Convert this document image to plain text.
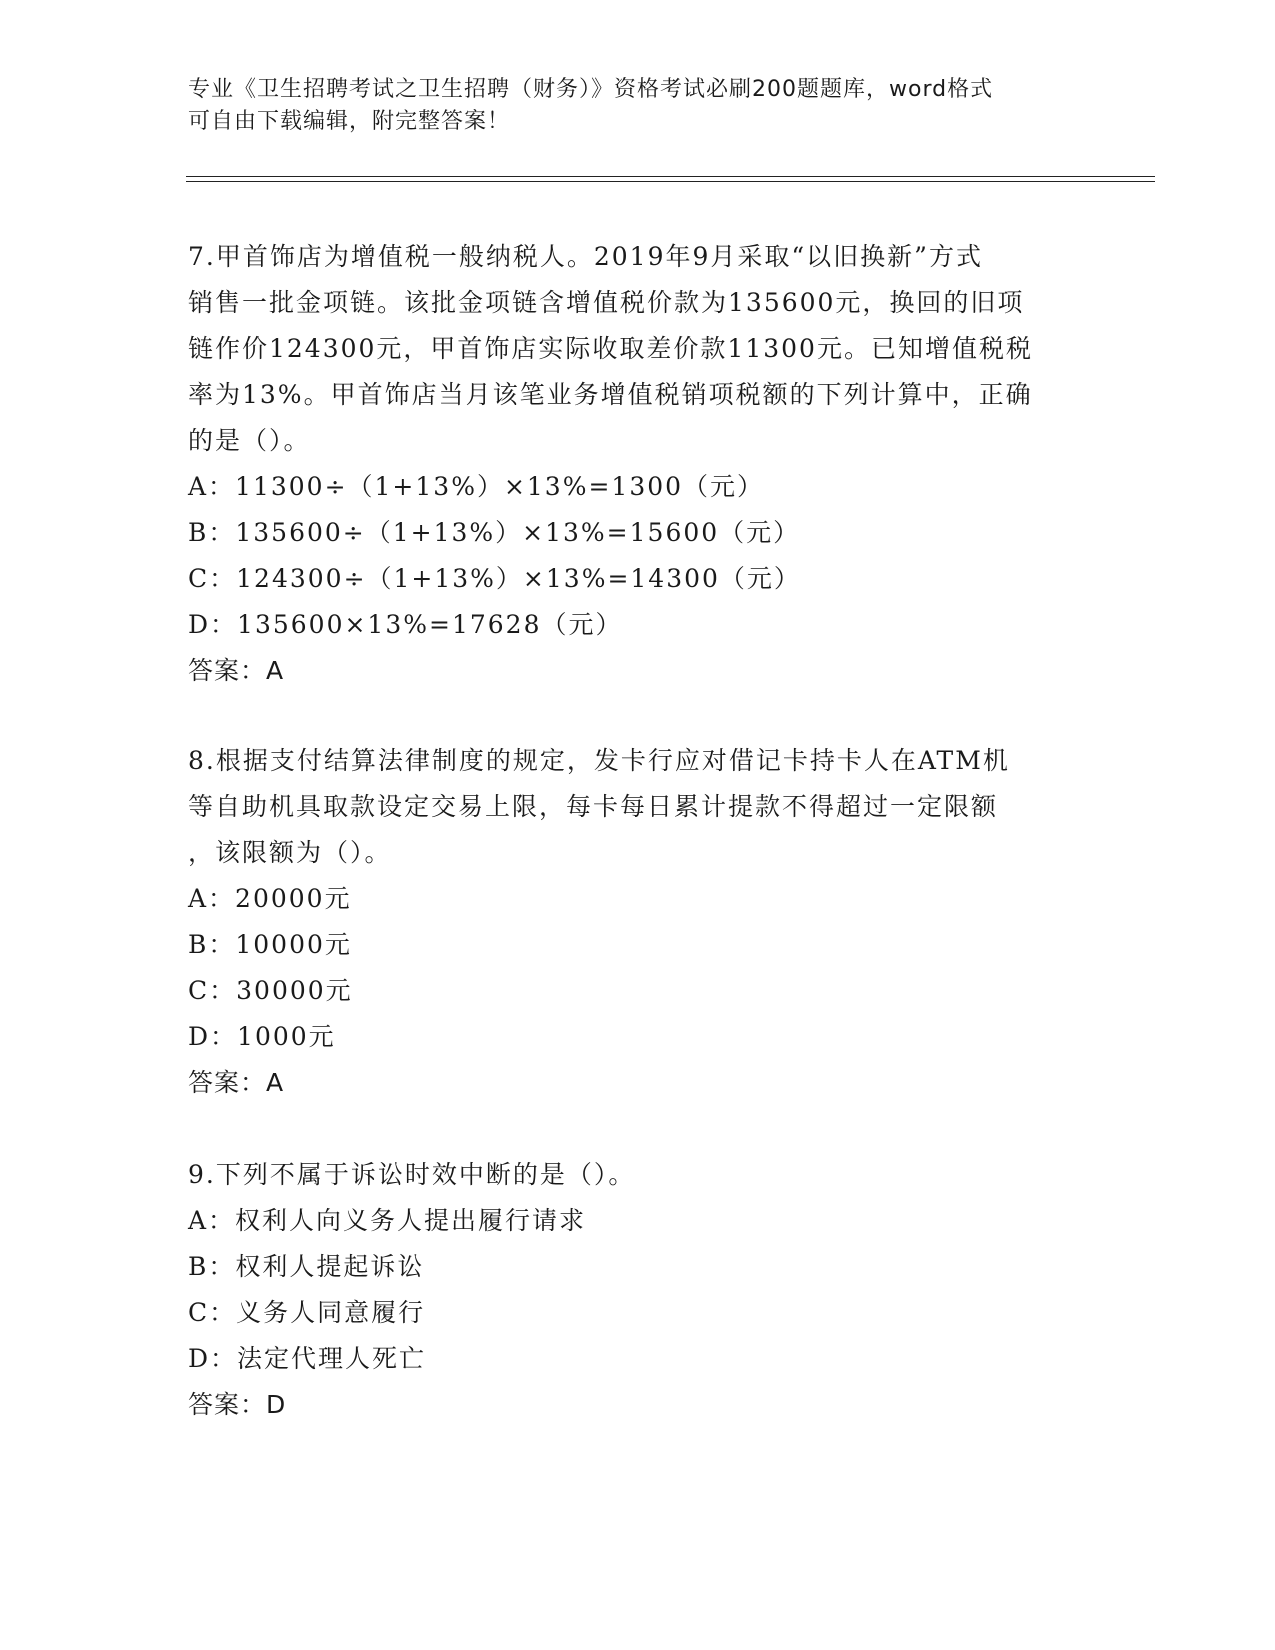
专业《卫生招聘考试之卫生招聘（财务）》资格考试必刷200题题库，word格式
可自由下载编辑，附完整答案！

7.甲首饰店为增值税一般纳税人。2019年9月采取“以旧换新”方式

销售一批金项链。该批金项链含增值税价款为135600元，换回的旧项

链作价124300元，甲首饰店实际收取差价款11300元。已知增值税税

率为13%。甲首饰店当月该笔业务增值税销项税额的下列计算中，正确

的是（）。

A：11300÷（1+13%）×13%=1300（元）

B：135600÷（1+13%）×13%=15600（元）

C：124300÷（1+13%）×13%=14300（元）

D：135600×13%=17628（元）

答案：A

8.根据支付结算法律制度的规定，发卡行应对借记卡持卡人在ATM机

等自助机具取款设定交易上限，每卡每日累计提款不得超过一定限额

，该限额为（）。

A：20000元

B：10000元

C：30000元

D：1000元

答案：A

9.下列不属于诉讼时效中断的是（）。

A：权利人向义务人提出履行请求

B：权利人提起诉讼

C：义务人同意履行

D：法定代理人死亡

答案：D
